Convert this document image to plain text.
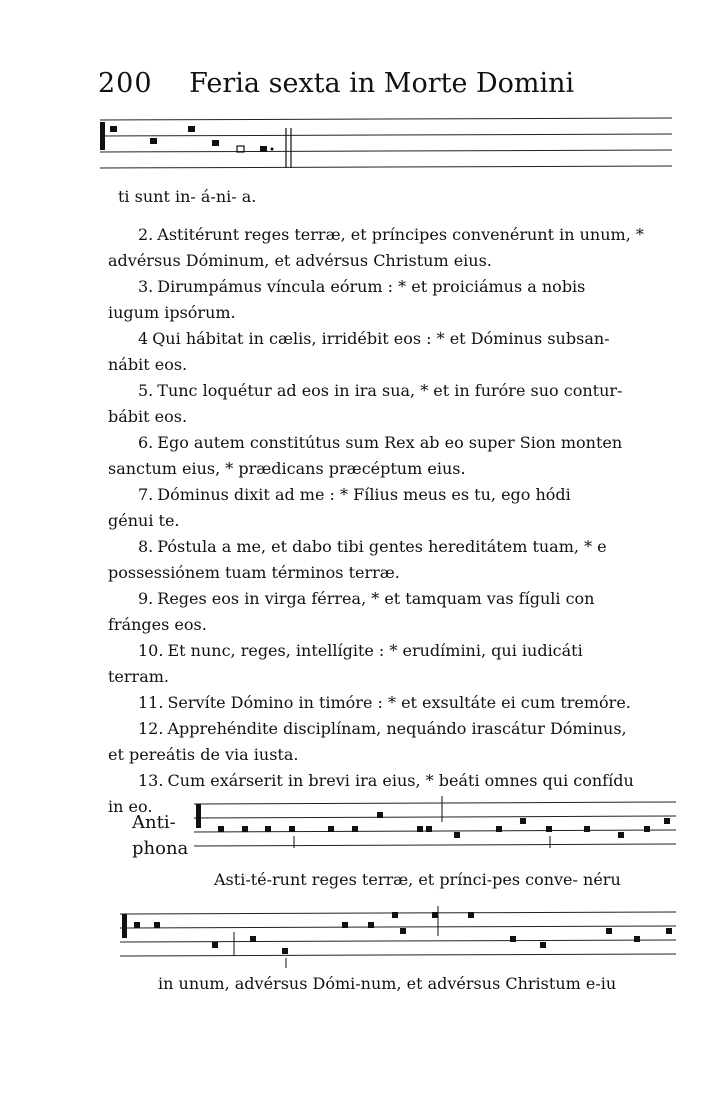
200 Feria sexta in Morte Domini
ti sunt in- á-ni- a.
2. Astitérunt reges terræ, et príncipes convenérunt in unum, *
advérsus Dóminum, et advérsus Christum eius.
3. Dirumpámus víncula eórum : * et proiciámus a nobis
iugum ipsórum.
4 Qui hábitat in cælis, irridébit eos : * et Dóminus subsan-
nábit eos.
5. Tunc loquétur ad eos in ira sua, * et in furóre suo contur-
bábit eos.
6. Ego autem constitútus sum Rex ab eo super Sion monten
sanctum eius, * prædicans præcéptum eius.
7. Dóminus dixit ad me : * Fílius meus es tu, ego hódi
génui te.
8. Póstula a me, et dabo tibi gentes hereditátem tuam, * e
possessiónem tuam términos terræ.
9. Reges eos in virga férrea, * et tamquam vas fíguli con
fránges eos.
10. Et nunc, reges, intellígite : * erudímini, qui iudicáti
terram.
11. Servíte Dómino in timóre : * et exsultáte ei cum tremóre.
12. Apprehéndite disciplínam, nequándo irascátur Dóminus,
et pereátis de via iusta.
13. Cum exárserit in brevi ira eius, * beáti omnes qui confídu
in eo.
Anti-
phona
Asti-té-runt reges terræ, et prínci-pes conve- néru
in unum, advérsus Dómi-num, et advérsus Christum e-iu
